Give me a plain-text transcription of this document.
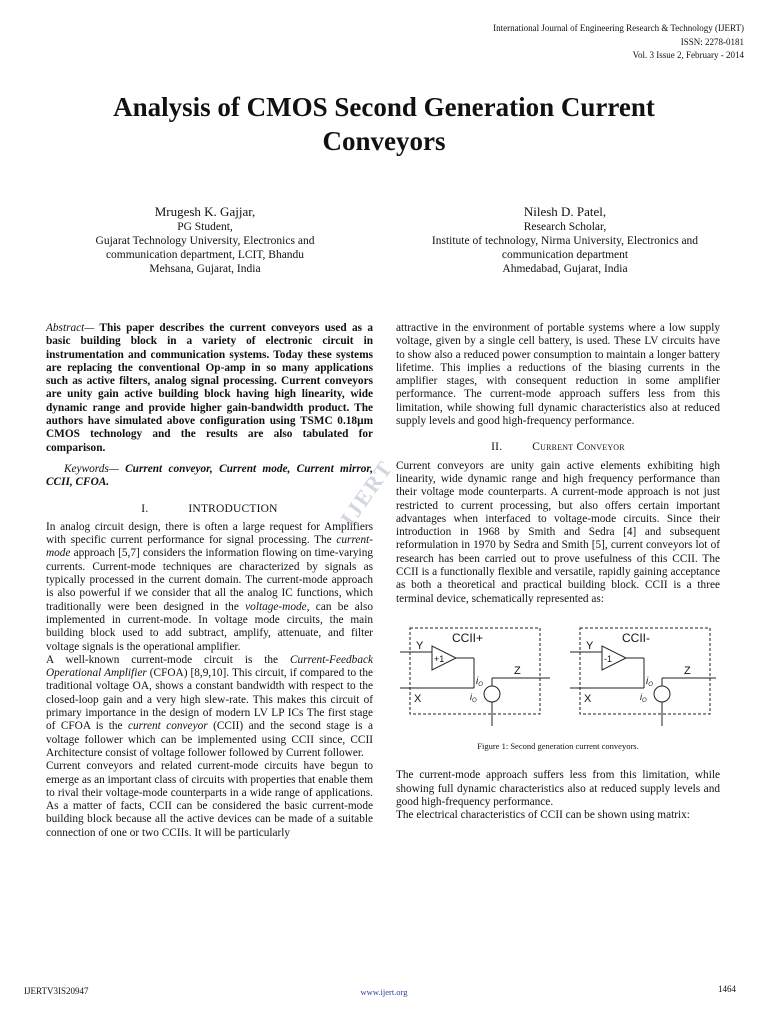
International Journal of Engineering Research & Technology (IJERT)
ISSN: 2278-0181
Vol. 3 Issue 2, February - 2014
Analysis of CMOS Second Generation Current
Conveyors
Mrugesh K. Gajjar,
PG Student,
Gujarat Technology University, Electronics and
communication department, LCIT, Bhandu
Mehsana, Gujarat, India
Nilesh D. Patel,
Research Scholar,
Institute of technology, Nirma University, Electronics and
communication department
Ahmedabad, Gujarat, India

Abstract— This paper describes the current conveyors used as a basic building block in a variety of electronic circuit in instrumentation and communication systems. Today these systems are replacing the conventional Op-amp in so many applications such as active filters, analog signal processing. Current conveyors are unity gain active building block having high linearity, wide dynamic range and provide higher gain-bandwidth product. The authors have simulated above configuration using TSMC 0.18µm CMOS technology and the results are also tabulated for comparison.

Keywords— Current conveyor, Current mode, Current mirror, CCII, CFOA.

I.	INTRODUCTION

In analog circuit design, there is often a large request for Amplifiers with specific current performance for signal processing. The current-mode approach [5,7] considers the information flowing on time-varying currents. Current-mode techniques are characterized by signals as typically processed in the current domain. The current-mode approach is also powerful if we consider that all the analog IC functions, which traditionally were been designed in the voltage-mode, can be also implemented in current-mode. In voltage mode circuits, the main building block used to add subtract, amplify, attenuate, and filter voltage signals is the operational amplifier.

A well-known current-mode circuit is the Current-Feedback Operational Amplifier (CFOA) [8,9,10]. This circuit, if compared to the traditional voltage OA, shows a constant bandwidth with respect to the closed-loop gain and a very high slew-rate. This makes this circuit of primary importance in the design of modern LV LP ICs The first stage of CFOA is the current conveyor (CCII) and the second stage is a voltage follower which can be implemented using CCII since, CCII Architecture consist of voltage follower followed by Current follower.

Current conveyors and related current-mode circuits have begun to emerge as an important class of circuits with properties that enable them to rival their voltage-mode counterparts in a wide range of applications. As a matter of facts, CCII can be considered the basic current-mode building block because all the active devices can be made of a suitable connection of one or two CCIIs. It will be particularly

attractive in the environment of portable systems where a low supply voltage, given by a single cell battery, is used. These LV circuits have to show also a reduced power consumption to maintain a longer battery lifetime. This implies a reductions of the biasing currents in the amplifier stages, with consequent reduction in some amplifier performance. The current-mode approach suffers less from this limitation, while showing full dynamic characteristics also at reduced supply levels and good high-frequency performance.

II.	Current Conveyor

Current conveyors are unity gain active elements exhibiting high linearity, wide dynamic range and high frequency performance than their voltage mode counterparts. A current-mode approach is not just restricted to current processing, but also offers certain important advantages when interfaced to voltage-mode circuits. Since their introduction in 1968 by Smith and Sedra [4] and subsequent reformulation in 1970 by Sedra and Smith [5], current conveyors lot of research has been carried out to prove usefulness of this CCII. The CCII is a functionally flexible and versatile, rapidly gaining acceptance as both a theoretical and practical building block. CCII is a three terminal device, schematically represented as:

CCII+
+1
Y
X
Z
$i_O$
$i_O$
CCII-
-1
Y
X
Z
$i_O$
$i_O$

Figure 1: Second generation current conveyors.

The current-mode approach suffers less from this limitation, while showing full dynamic characteristics also at reduced supply levels and good high-frequency performance.

The electrical characteristics of CCII can be shown using matrix:

IJERT
IJERTV3IS20947	www.ijert.org	1464
